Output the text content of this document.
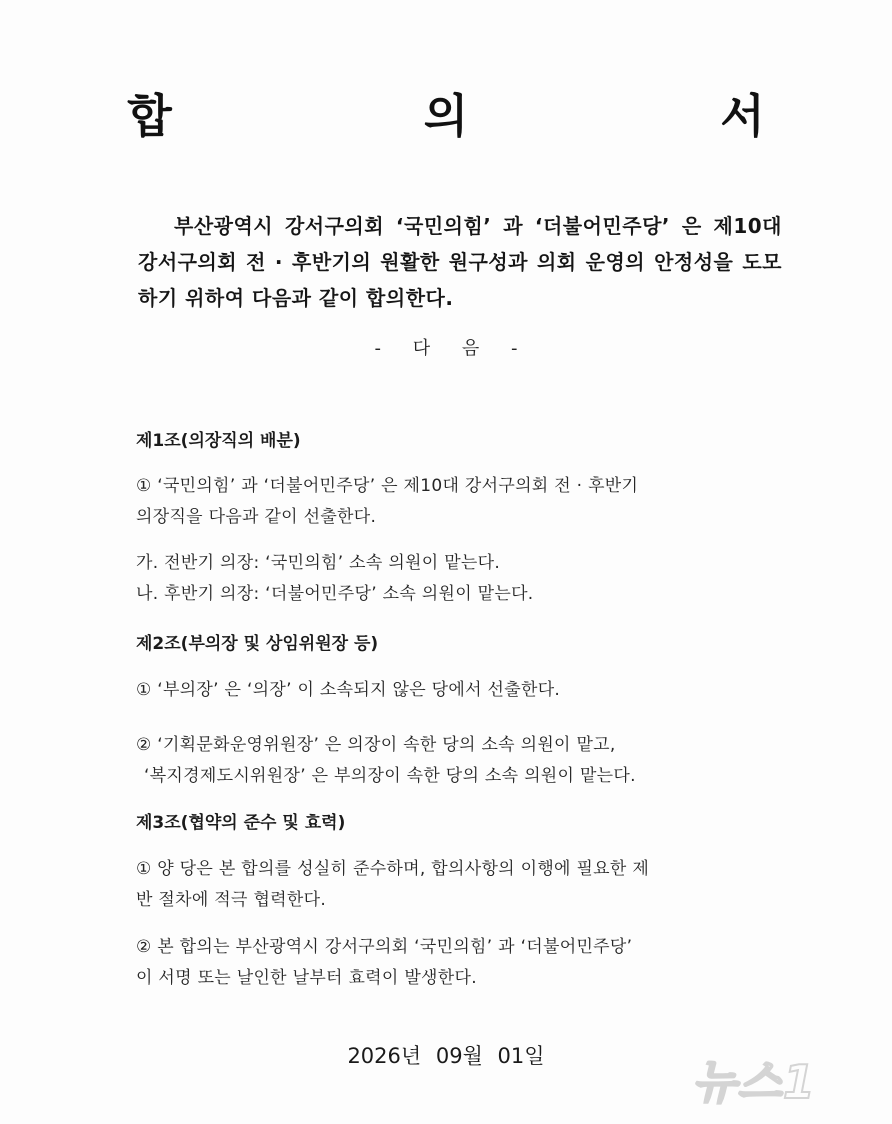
합 의 서
부산광역시 강서구의회 ‘국민의힘’ 과 ‘더불어민주당’ 은 제10대 강서구의회 전 · 후반기의 원활한 원구성과 의회 운영의 안정성을 도모하기 위하여 다음과 같이 합의한다.
- 다 음 -
제1조(의장직의 배분)
① ‘국민의힘’ 과 ‘더불어민주당’ 은 제10대 강서구의회 전 · 후반기
의장직을 다음과 같이 선출한다.
가. 전반기 의장: ‘국민의힘’ 소속 의원이 맡는다.
나. 후반기 의장: ‘더불어민주당’ 소속 의원이 맡는다.
제2조(부의장 및 상임위원장 등)
① ‘부의장’ 은 ‘의장’ 이 소속되지 않은 당에서 선출한다.
② ‘기획문화운영위원장’ 은 의장이 속한 당의 소속 의원이 맡고,
‘복지경제도시위원장’ 은 부의장이 속한 당의 소속 의원이 맡는다.
제3조(협약의 준수 및 효력)
① 양 당은 본 합의를 성실히 준수하며, 합의사항의 이행에 필요한 제
반 절차에 적극 협력한다.
② 본 합의는 부산광역시 강서구의회 ‘국민의힘’ 과 ‘더불어민주당’
이 서명 또는 날인한 날부터 효력이 발생한다.
2026년 09월 01일	뉴스1
